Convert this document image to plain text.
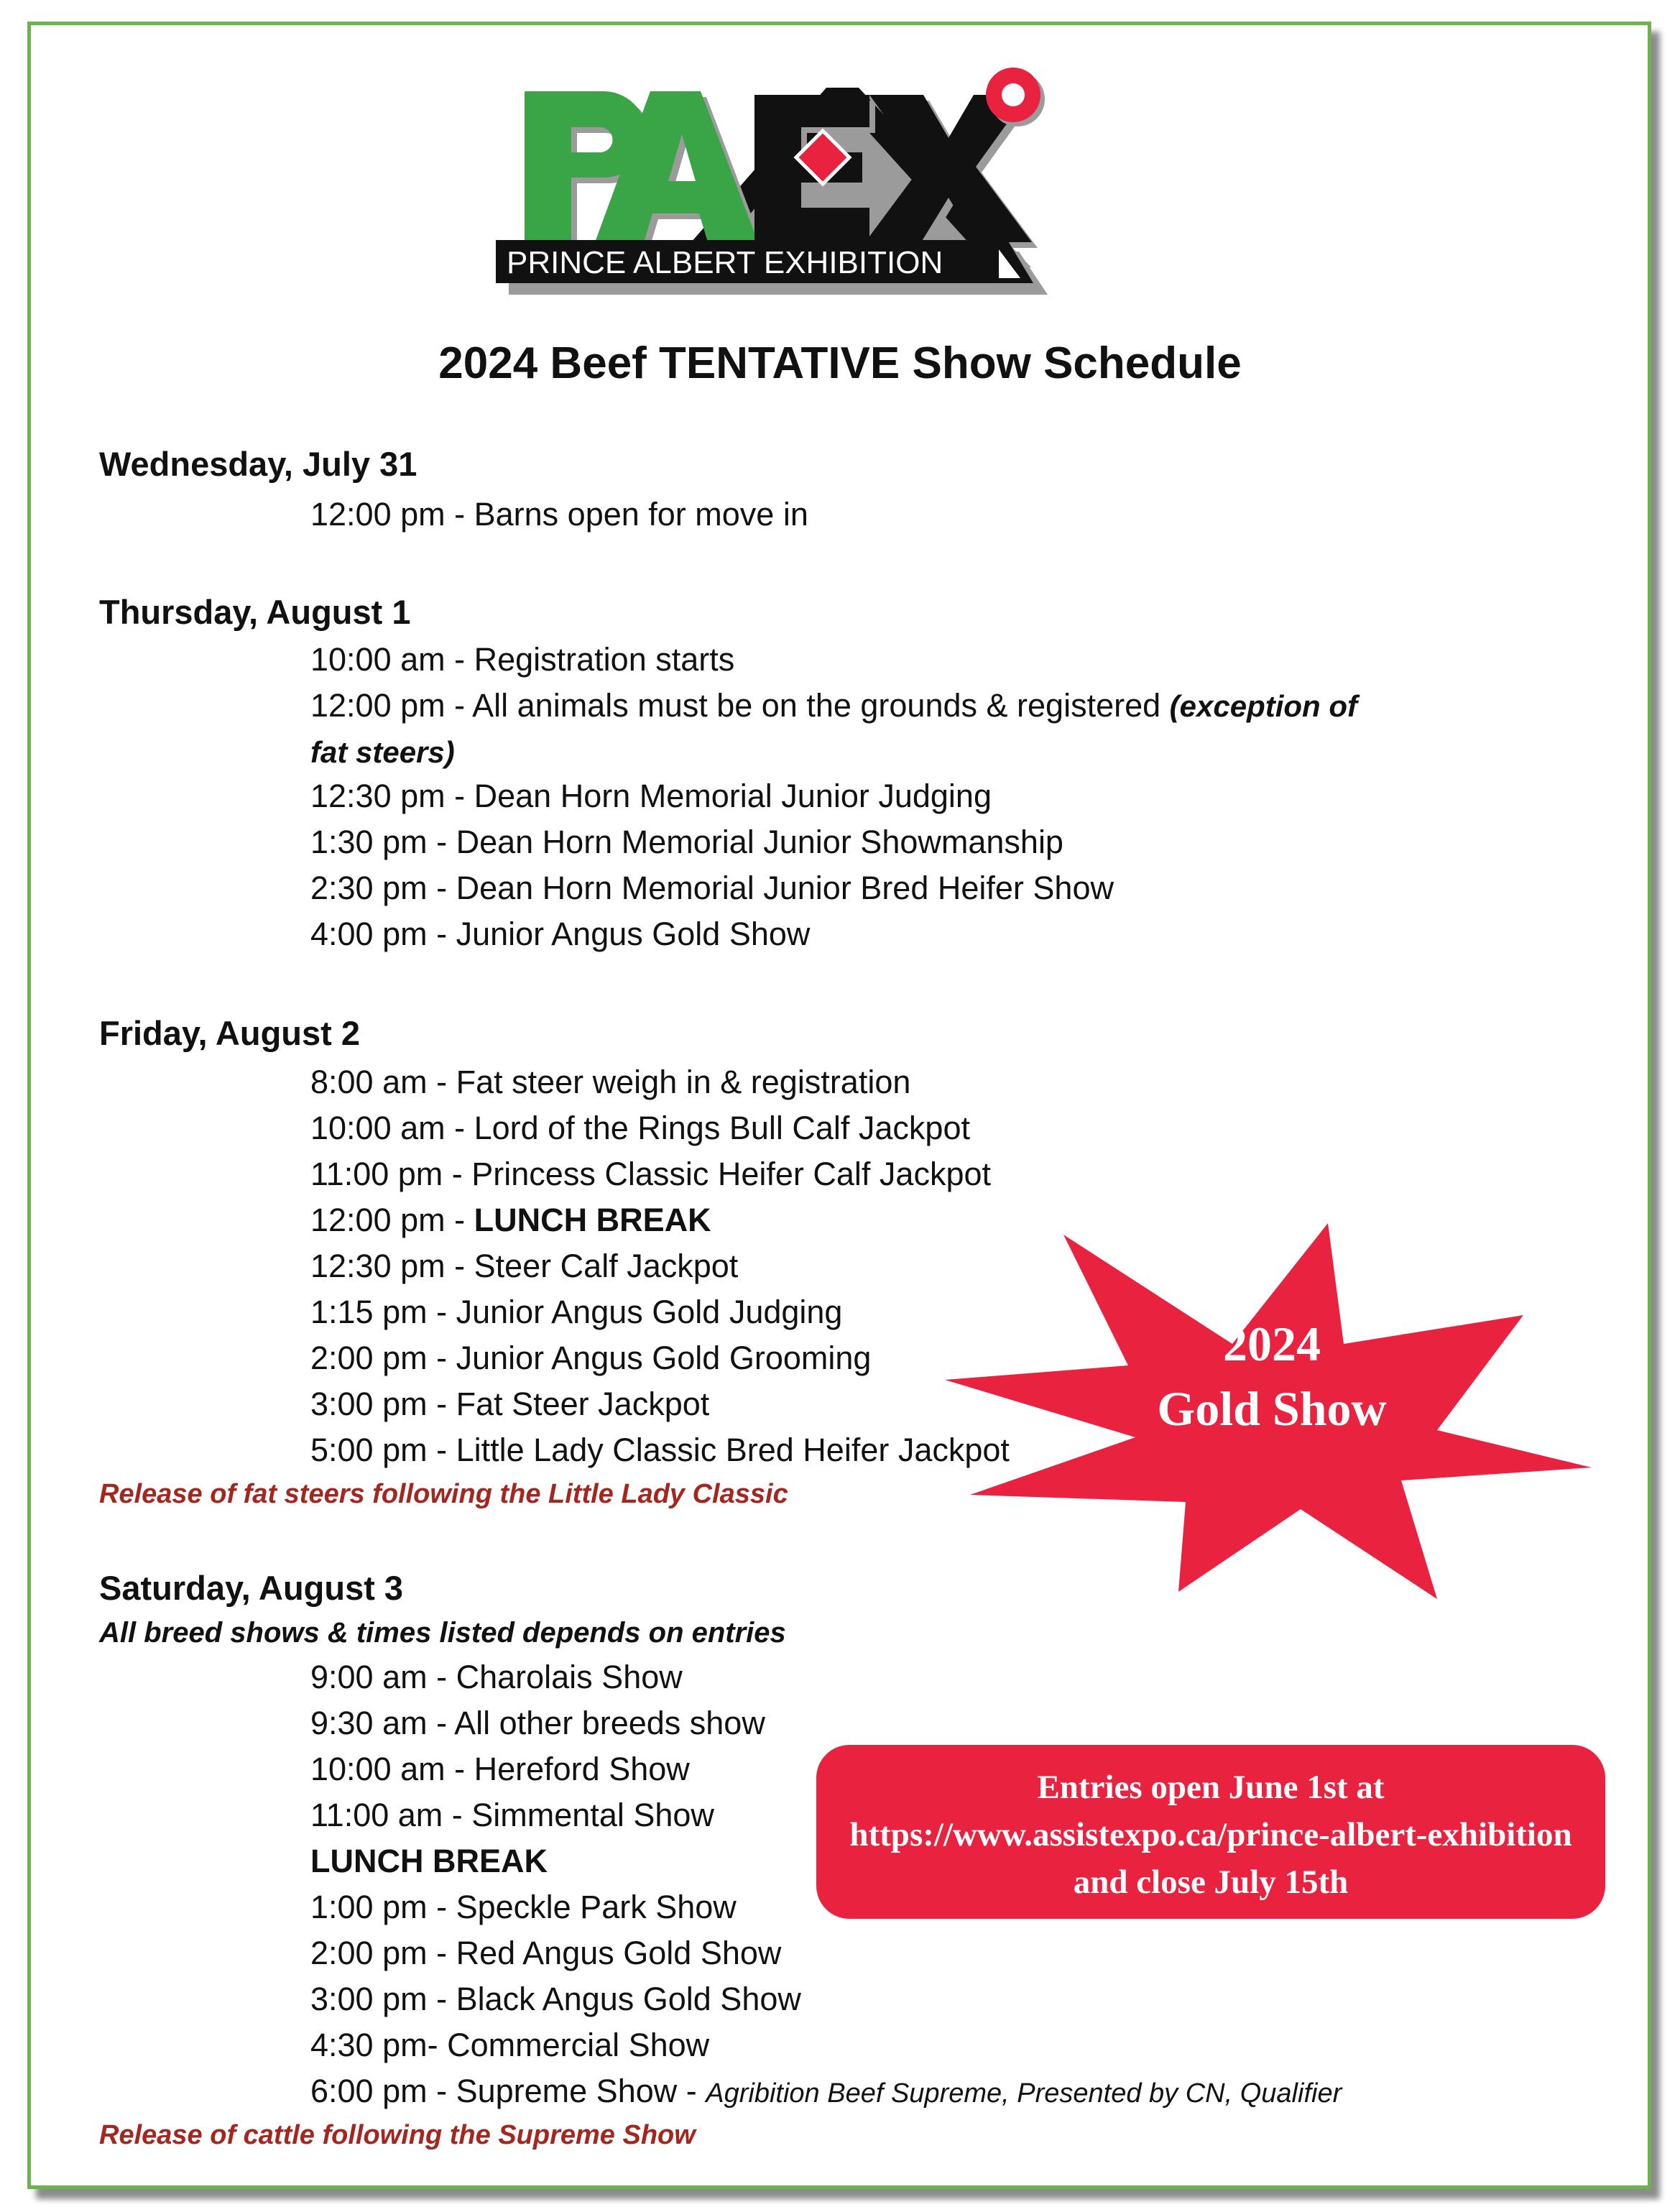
PRINCE ALBERT EXHIBITION
2024 Beef TENTATIVE Show Schedule
Wednesday, July 31
12:00 pm - Barns open for move in
Thursday, August 1
10:00 am - Registration starts
12:00 pm - All animals must be on the grounds & registered (exception of
fat steers)
12:30 pm - Dean Horn Memorial Junior Judging
1:30 pm - Dean Horn Memorial Junior Showmanship
2:30 pm - Dean Horn Memorial Junior Bred Heifer Show
4:00 pm - Junior Angus Gold Show
Friday, August 2
8:00 am - Fat steer weigh in & registration
10:00 am - Lord of the Rings Bull Calf Jackpot
11:00 pm - Princess Classic Heifer Calf Jackpot
12:00 pm - LUNCH BREAK
12:30 pm - Steer Calf Jackpot
1:15 pm - Junior Angus Gold Judging
2:00 pm - Junior Angus Gold Grooming
3:00 pm - Fat Steer Jackpot
5:00 pm - Little Lady Classic Bred Heifer Jackpot
Release of fat steers following the Little Lady Classic
Saturday, August 3
All breed shows & times listed depends on entries
9:00 am - Charolais Show
9:30 am - All other breeds show
10:00 am - Hereford Show
11:00 am - Simmental Show
LUNCH BREAK
1:00 pm - Speckle Park Show
2:00 pm - Red Angus Gold Show
3:00 pm - Black Angus Gold Show
4:30 pm- Commercial Show
6:00 pm - Supreme Show - Agribition Beef Supreme, Presented by CN, Qualifier
Release of cattle following the Supreme Show
2024
Gold Show
Entries open June 1st at
https://www.assistexpo.ca/prince-albert-exhibition
and close July 15th
